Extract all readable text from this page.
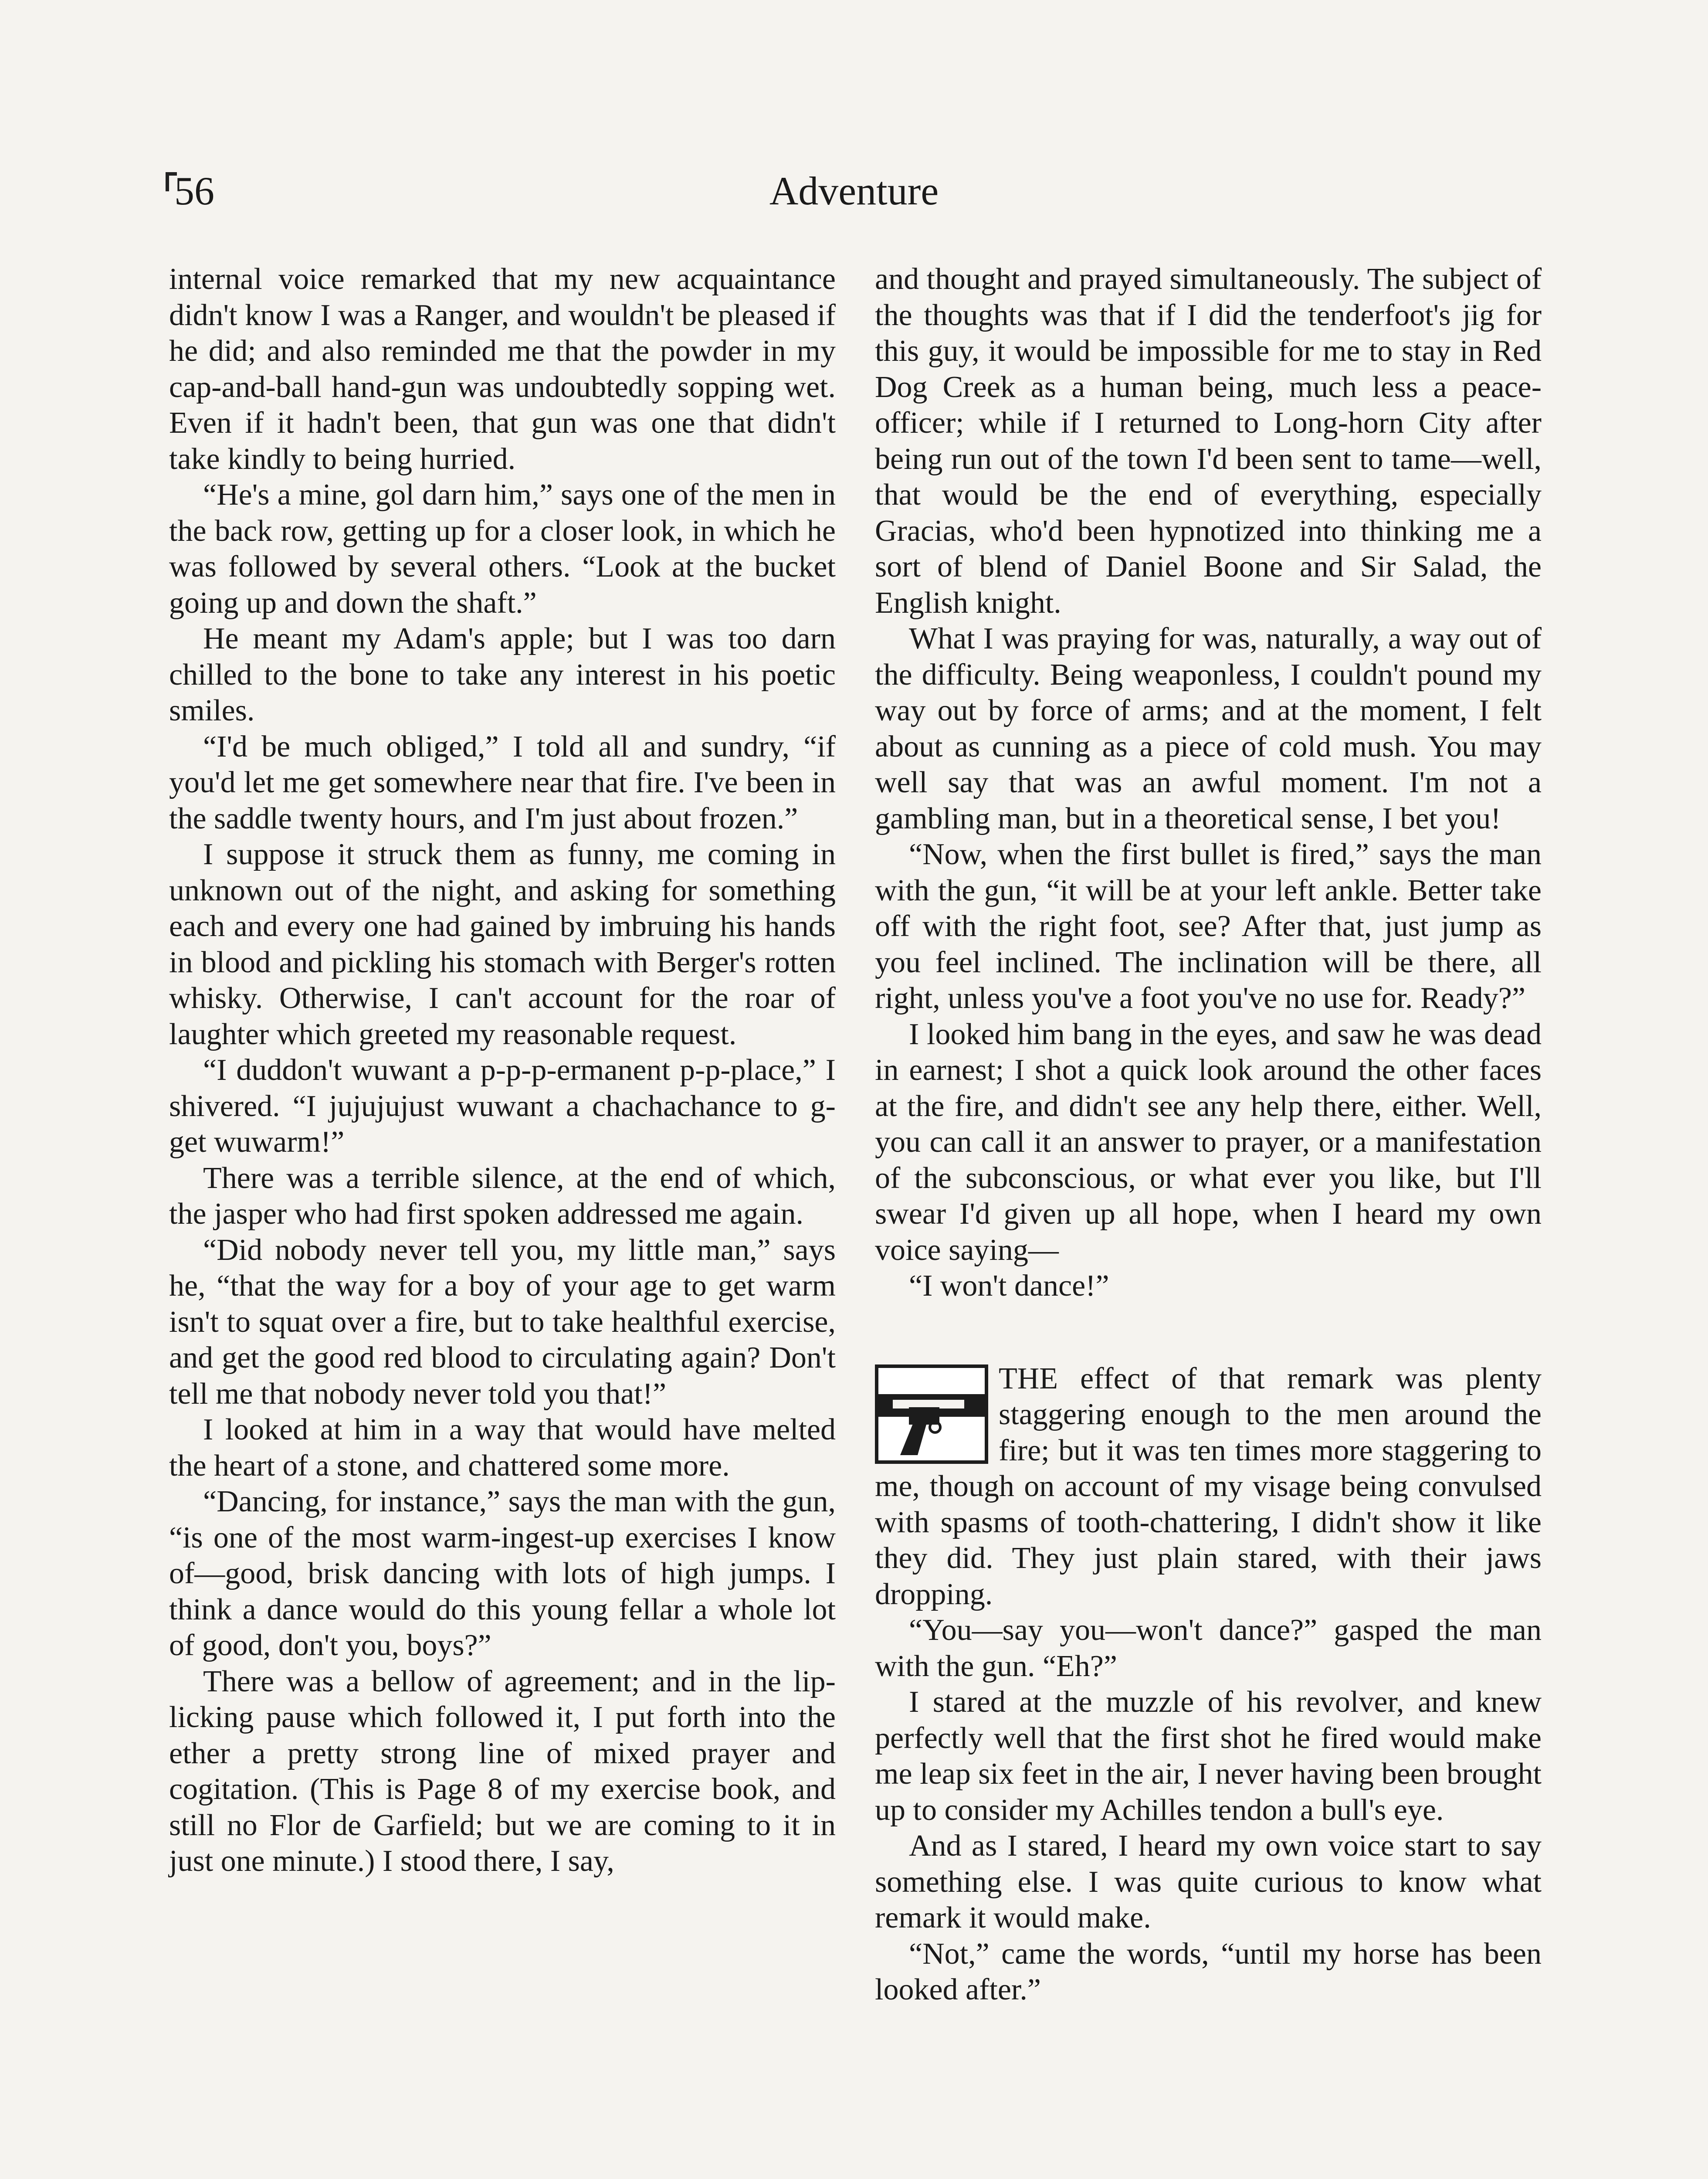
56	Adventure

internal voice remarked that my new acquaintance didn't know I was a Ranger, and wouldn't be pleased if he did; and also reminded me that the powder in my cap-and-ball hand-gun was undoubtedly sopping wet. Even if it hadn't been, that gun was one that didn't take kindly to being hurried.

“He's a mine, gol darn him,” says one of the men in the back row, getting up for a closer look, in which he was followed by several others. “Look at the bucket going up and down the shaft.”

He meant my Adam's apple; but I was too darn chilled to the bone to take any interest in his poetic smiles.

“I'd be much obliged,” I told all and sundry, “if you'd let me get somewhere near that fire. I've been in the saddle twenty hours, and I'm just about frozen.”

I suppose it struck them as funny, me coming in unknown out of the night, and asking for something each and every one had gained by imbruing his hands in blood and pickling his stomach with Berger's rotten whisky. Otherwise, I can't account for the roar of laughter which greeted my reasonable request.

“I duddon't wuwant a p-p-p-ermanent p-p-place,” I shivered. “I jujujujust wuwant a chachachance to g-get wuwarm!”

There was a terrible silence, at the end of which, the jasper who had first spoken addressed me again.

“Did nobody never tell you, my little man,” says he, “that the way for a boy of your age to get warm isn't to squat over a fire, but to take healthful exercise, and get the good red blood to circulating again? Don't tell me that nobody never told you that!”

I looked at him in a way that would have melted the heart of a stone, and chattered some more.

“Dancing, for instance,” says the man with the gun, “is one of the most warm-ingest-up exercises I know of—good, brisk dancing with lots of high jumps. I think a dance would do this young fellar a whole lot of good, don't you, boys?”

There was a bellow of agreement; and in the lip-licking pause which followed it, I put forth into the ether a pretty strong line of mixed prayer and cogitation. (This is Page 8 of my exercise book, and still no Flor de Garfield; but we are coming to it in just one minute.) I stood there, I say,

and thought and prayed simultaneously. The subject of the thoughts was that if I did the tenderfoot's jig for this guy, it would be impossible for me to stay in Red Dog Creek as a human being, much less a peace-officer; while if I returned to Long-horn City after being run out of the town I'd been sent to tame—well, that would be the end of everything, especially Gracias, who'd been hypnotized into thinking me a sort of blend of Daniel Boone and Sir Salad, the English knight.

What I was praying for was, naturally, a way out of the difficulty. Being weaponless, I couldn't pound my way out by force of arms; and at the moment, I felt about as cunning as a piece of cold mush. You may well say that was an awful moment. I'm not a gambling man, but in a theoretical sense, I bet you!

“Now, when the first bullet is fired,” says the man with the gun, “it will be at your left ankle. Better take off with the right foot, see? After that, just jump as you feel inclined. The inclination will be there, all right, unless you've a foot you've no use for. Ready?”

I looked him bang in the eyes, and saw he was dead in earnest; I shot a quick look around the other faces at the fire, and didn't see any help there, either. Well, you can call it an answer to prayer, or a manifestation of the subconscious, or what ever you like, but I'll swear I'd given up all hope, when I heard my own voice saying—

“I won't dance!”

THE effect of that remark was plenty staggering enough to the men around the fire; but it was ten times more staggering to me, though on account of my visage being convulsed with spasms of tooth-chattering, I didn't show it like they did. They just plain stared, with their jaws dropping.

“You—say you—won't dance?” gasped the man with the gun. “Eh?”

I stared at the muzzle of his revolver, and knew perfectly well that the first shot he fired would make me leap six feet in the air, I never having been brought up to consider my Achilles tendon a bull's eye.

And as I stared, I heard my own voice start to say something else. I was quite curious to know what remark it would make.

“Not,” came the words, “until my horse has been looked after.”
